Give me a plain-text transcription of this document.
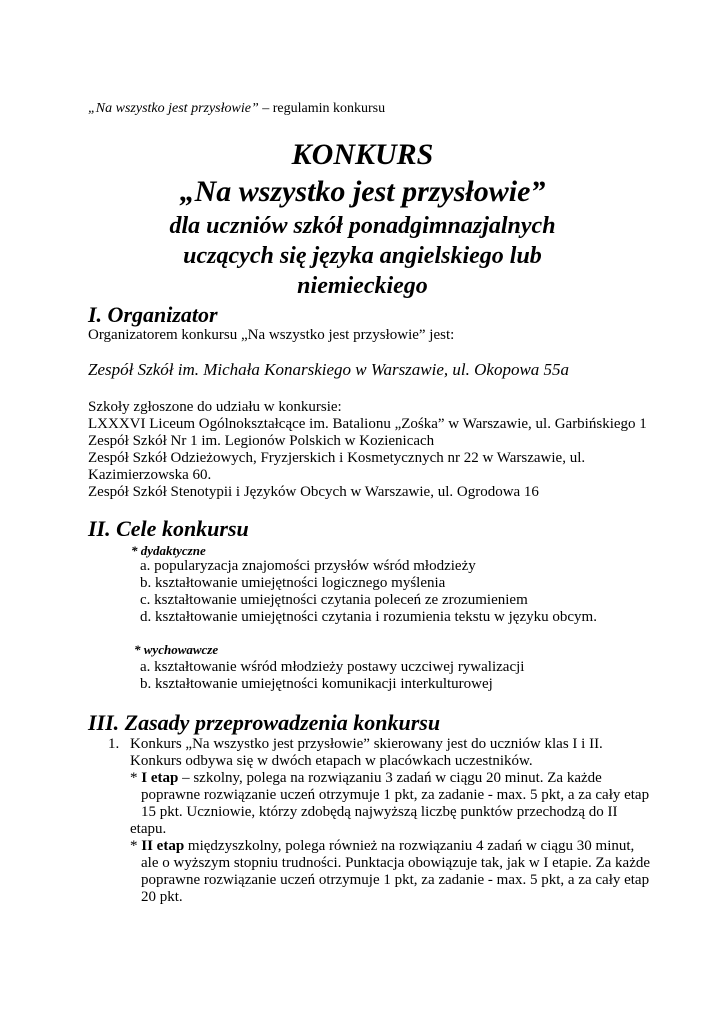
„Na wszystko jest przysłowie” – regulamin konkursu
KONKURS
„Na wszystko jest przysłowie”
dla uczniów szkół ponadgimnazjalnych
uczących się języka angielskiego lub
niemieckiego
I. Organizator
Organizatorem konkursu „Na wszystko jest przysłowie” jest:
Zespół Szkół im. Michała Konarskiego w Warszawie, ul. Okopowa 55a
Szkoły zgłoszone do udziału w konkursie:
LXXXVI Liceum Ogólnokształcące im. Batalionu „Zośka” w Warszawie, ul. Garbińskiego 1
Zespół Szkół Nr 1 im. Legionów Polskich w Kozienicach
Zespół Szkół Odzieżowych, Fryzjerskich i Kosmetycznych nr 22 w Warszawie, ul.
Kazimierzowska 60.
Zespół Szkół Stenotypii i Języków Obcych w Warszawie, ul. Ogrodowa 16
II. Cele konkursu
* dydaktyczne
a. popularyzacja znajomości przysłów wśród młodzieży
b. kształtowanie umiejętności logicznego myślenia
c. kształtowanie umiejętności czytania poleceń ze zrozumieniem
d. kształtowanie umiejętności czytania i rozumienia tekstu w języku obcym.
* wychowawcze
a. kształtowanie wśród młodzieży postawy uczciwej rywalizacji
b. kształtowanie umiejętności komunikacji interkulturowej
III. Zasady przeprowadzenia konkursu
1. Konkurs „Na wszystko jest przysłowie” skierowany jest do uczniów klas I i II.
Konkurs odbywa się w dwóch etapach w placówkach uczestników.
* I etap – szkolny, polega na rozwiązaniu 3 zadań w ciągu 20 minut. Za każde
poprawne rozwiązanie uczeń otrzymuje 1 pkt, za zadanie - max. 5 pkt, a za cały etap
15 pkt. Uczniowie, którzy zdobędą najwyższą liczbę punktów przechodzą do II
etapu.
* II etap międzyszkolny, polega również na rozwiązaniu 4 zadań w ciągu 30 minut,
ale o wyższym stopniu trudności. Punktacja obowiązuje tak, jak w I etapie. Za każde
poprawne rozwiązanie uczeń otrzymuje 1 pkt, za zadanie - max. 5 pkt, a za cały etap
20 pkt.
